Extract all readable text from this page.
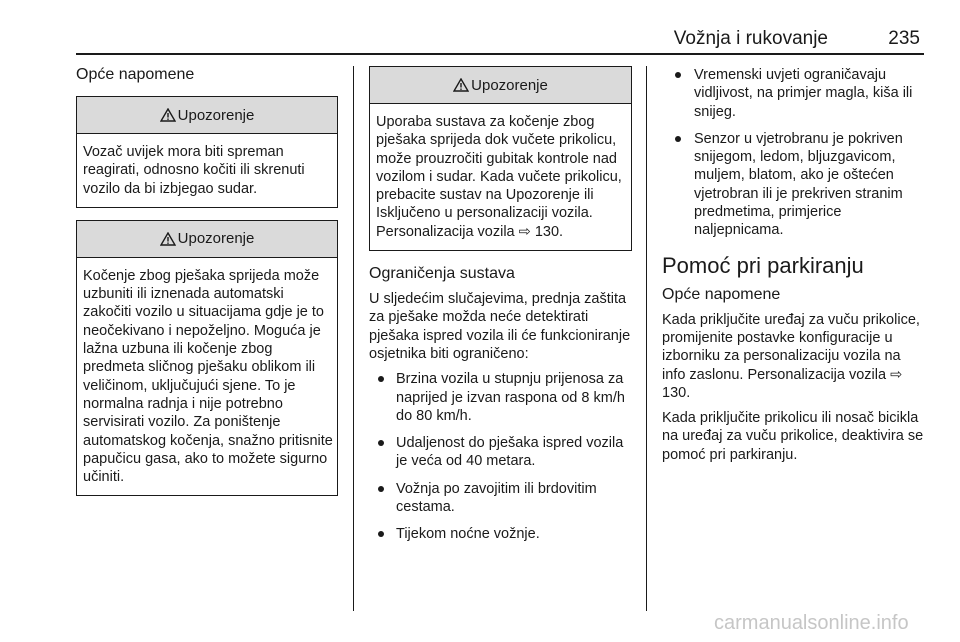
Vožnja i rukovanje	235
Opće napomene
Upozorenje
Vozač uvijek mora biti spreman reagirati, odnosno kočiti ili skrenuti vozilo da bi izbjegao sudar.
Upozorenje
Kočenje zbog pješaka sprijeda može uzbuniti ili iznenada automatski zakočiti vozilo u situacijama gdje je to neočekivano i nepoželjno. Moguća je lažna uzbuna ili kočenje zbog predmeta sličnog pješaku oblikom ili veličinom, uključujući sjene. To je normalna radnja i nije potrebno servisirati vozilo. Za poništenje automatskog kočenja, snažno pritisnite papučicu gasa, ako to možete sigurno učiniti.
Upozorenje
Uporaba sustava za kočenje zbog pješaka sprijeda dok vučete prikolicu, može prouzročiti gubitak kontrole nad vozilom i sudar. Kada vučete prikolicu, prebacite sustav na Upozorenje ili Isključeno u personalizaciji vozila.
Personalizacija vozila ⇨ 130.
Ograničenja sustava

U sljedećim slučajevima, prednja zaštita za pješake možda neće detektirati pješaka ispred vozila ili će funkcioniranje osjetnika biti ograničeno:

Brzina vozila u stupnju prijenosa za naprijed je izvan raspona od 8 km/h do 80 km/h.
Udaljenost do pješaka ispred vozila je veća od 40 metara.
Vožnja po zavojitim ili brdovitim cestama.
Tijekom noćne vožnje.
Vremenski uvjeti ograničavaju vidljivost, na primjer magla, kiša ili snijeg.
Senzor u vjetrobranu je pokriven snijegom, ledom, bljuzgavicom, muljem, blatom, ako je oštećen vjetrobran ili je prekriven stranim predmetima, primjerice naljepnicama.
Pomoć pri parkiranju
Opće napomene

Kada priključite uređaj za vuču prikolice, promijenite postavke konfiguracije u izborniku za personalizaciju vozila na info zaslonu. Personalizacija vozila ⇨ 130.

Kada priključite prikolicu ili nosač bicikla na uređaj za vuču prikolice, deaktivira se pomoć pri parkiranju.

carmanualsonline.info
